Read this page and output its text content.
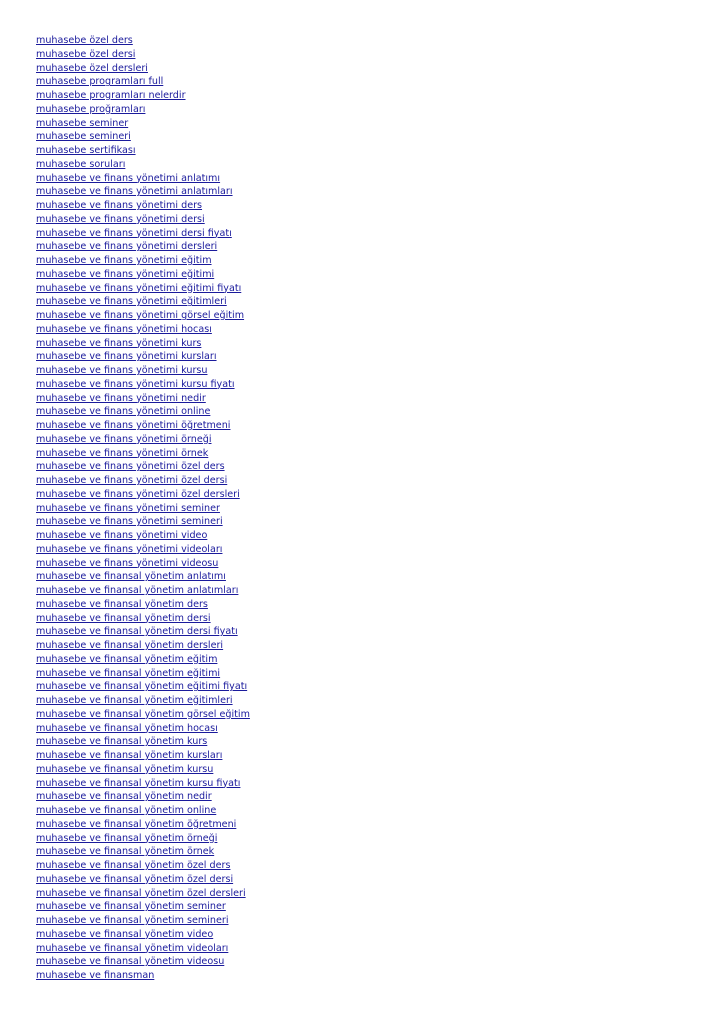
muhasebe özel ders
muhasebe özel dersi
muhasebe özel dersleri
muhasebe programları full
muhasebe programları nelerdir
muhasebe proğramları
muhasebe seminer
muhasebe semineri
muhasebe sertifikası
muhasebe soruları
muhasebe ve finans yönetimi anlatımı
muhasebe ve finans yönetimi anlatımları
muhasebe ve finans yönetimi ders
muhasebe ve finans yönetimi dersi
muhasebe ve finans yönetimi dersi fiyatı
muhasebe ve finans yönetimi dersleri
muhasebe ve finans yönetimi eğitim
muhasebe ve finans yönetimi eğitimi
muhasebe ve finans yönetimi eğitimi fiyatı
muhasebe ve finans yönetimi eğitimleri
muhasebe ve finans yönetimi görsel eğitim
muhasebe ve finans yönetimi hocası
muhasebe ve finans yönetimi kurs
muhasebe ve finans yönetimi kursları
muhasebe ve finans yönetimi kursu
muhasebe ve finans yönetimi kursu fiyatı
muhasebe ve finans yönetimi nedir
muhasebe ve finans yönetimi online
muhasebe ve finans yönetimi öğretmeni
muhasebe ve finans yönetimi örneği
muhasebe ve finans yönetimi örnek
muhasebe ve finans yönetimi özel ders
muhasebe ve finans yönetimi özel dersi
muhasebe ve finans yönetimi özel dersleri
muhasebe ve finans yönetimi seminer
muhasebe ve finans yönetimi semineri
muhasebe ve finans yönetimi video
muhasebe ve finans yönetimi videoları
muhasebe ve finans yönetimi videosu
muhasebe ve finansal yönetim anlatımı
muhasebe ve finansal yönetim anlatımları
muhasebe ve finansal yönetim ders
muhasebe ve finansal yönetim dersi
muhasebe ve finansal yönetim dersi fiyatı
muhasebe ve finansal yönetim dersleri
muhasebe ve finansal yönetim eğitim
muhasebe ve finansal yönetim eğitimi
muhasebe ve finansal yönetim eğitimi fiyatı
muhasebe ve finansal yönetim eğitimleri
muhasebe ve finansal yönetim görsel eğitim
muhasebe ve finansal yönetim hocası
muhasebe ve finansal yönetim kurs
muhasebe ve finansal yönetim kursları
muhasebe ve finansal yönetim kursu
muhasebe ve finansal yönetim kursu fiyatı
muhasebe ve finansal yönetim nedir
muhasebe ve finansal yönetim online
muhasebe ve finansal yönetim öğretmeni
muhasebe ve finansal yönetim örneği
muhasebe ve finansal yönetim örnek
muhasebe ve finansal yönetim özel ders
muhasebe ve finansal yönetim özel dersi
muhasebe ve finansal yönetim özel dersleri
muhasebe ve finansal yönetim seminer
muhasebe ve finansal yönetim semineri
muhasebe ve finansal yönetim video
muhasebe ve finansal yönetim videoları
muhasebe ve finansal yönetim videosu
muhasebe ve finansman
